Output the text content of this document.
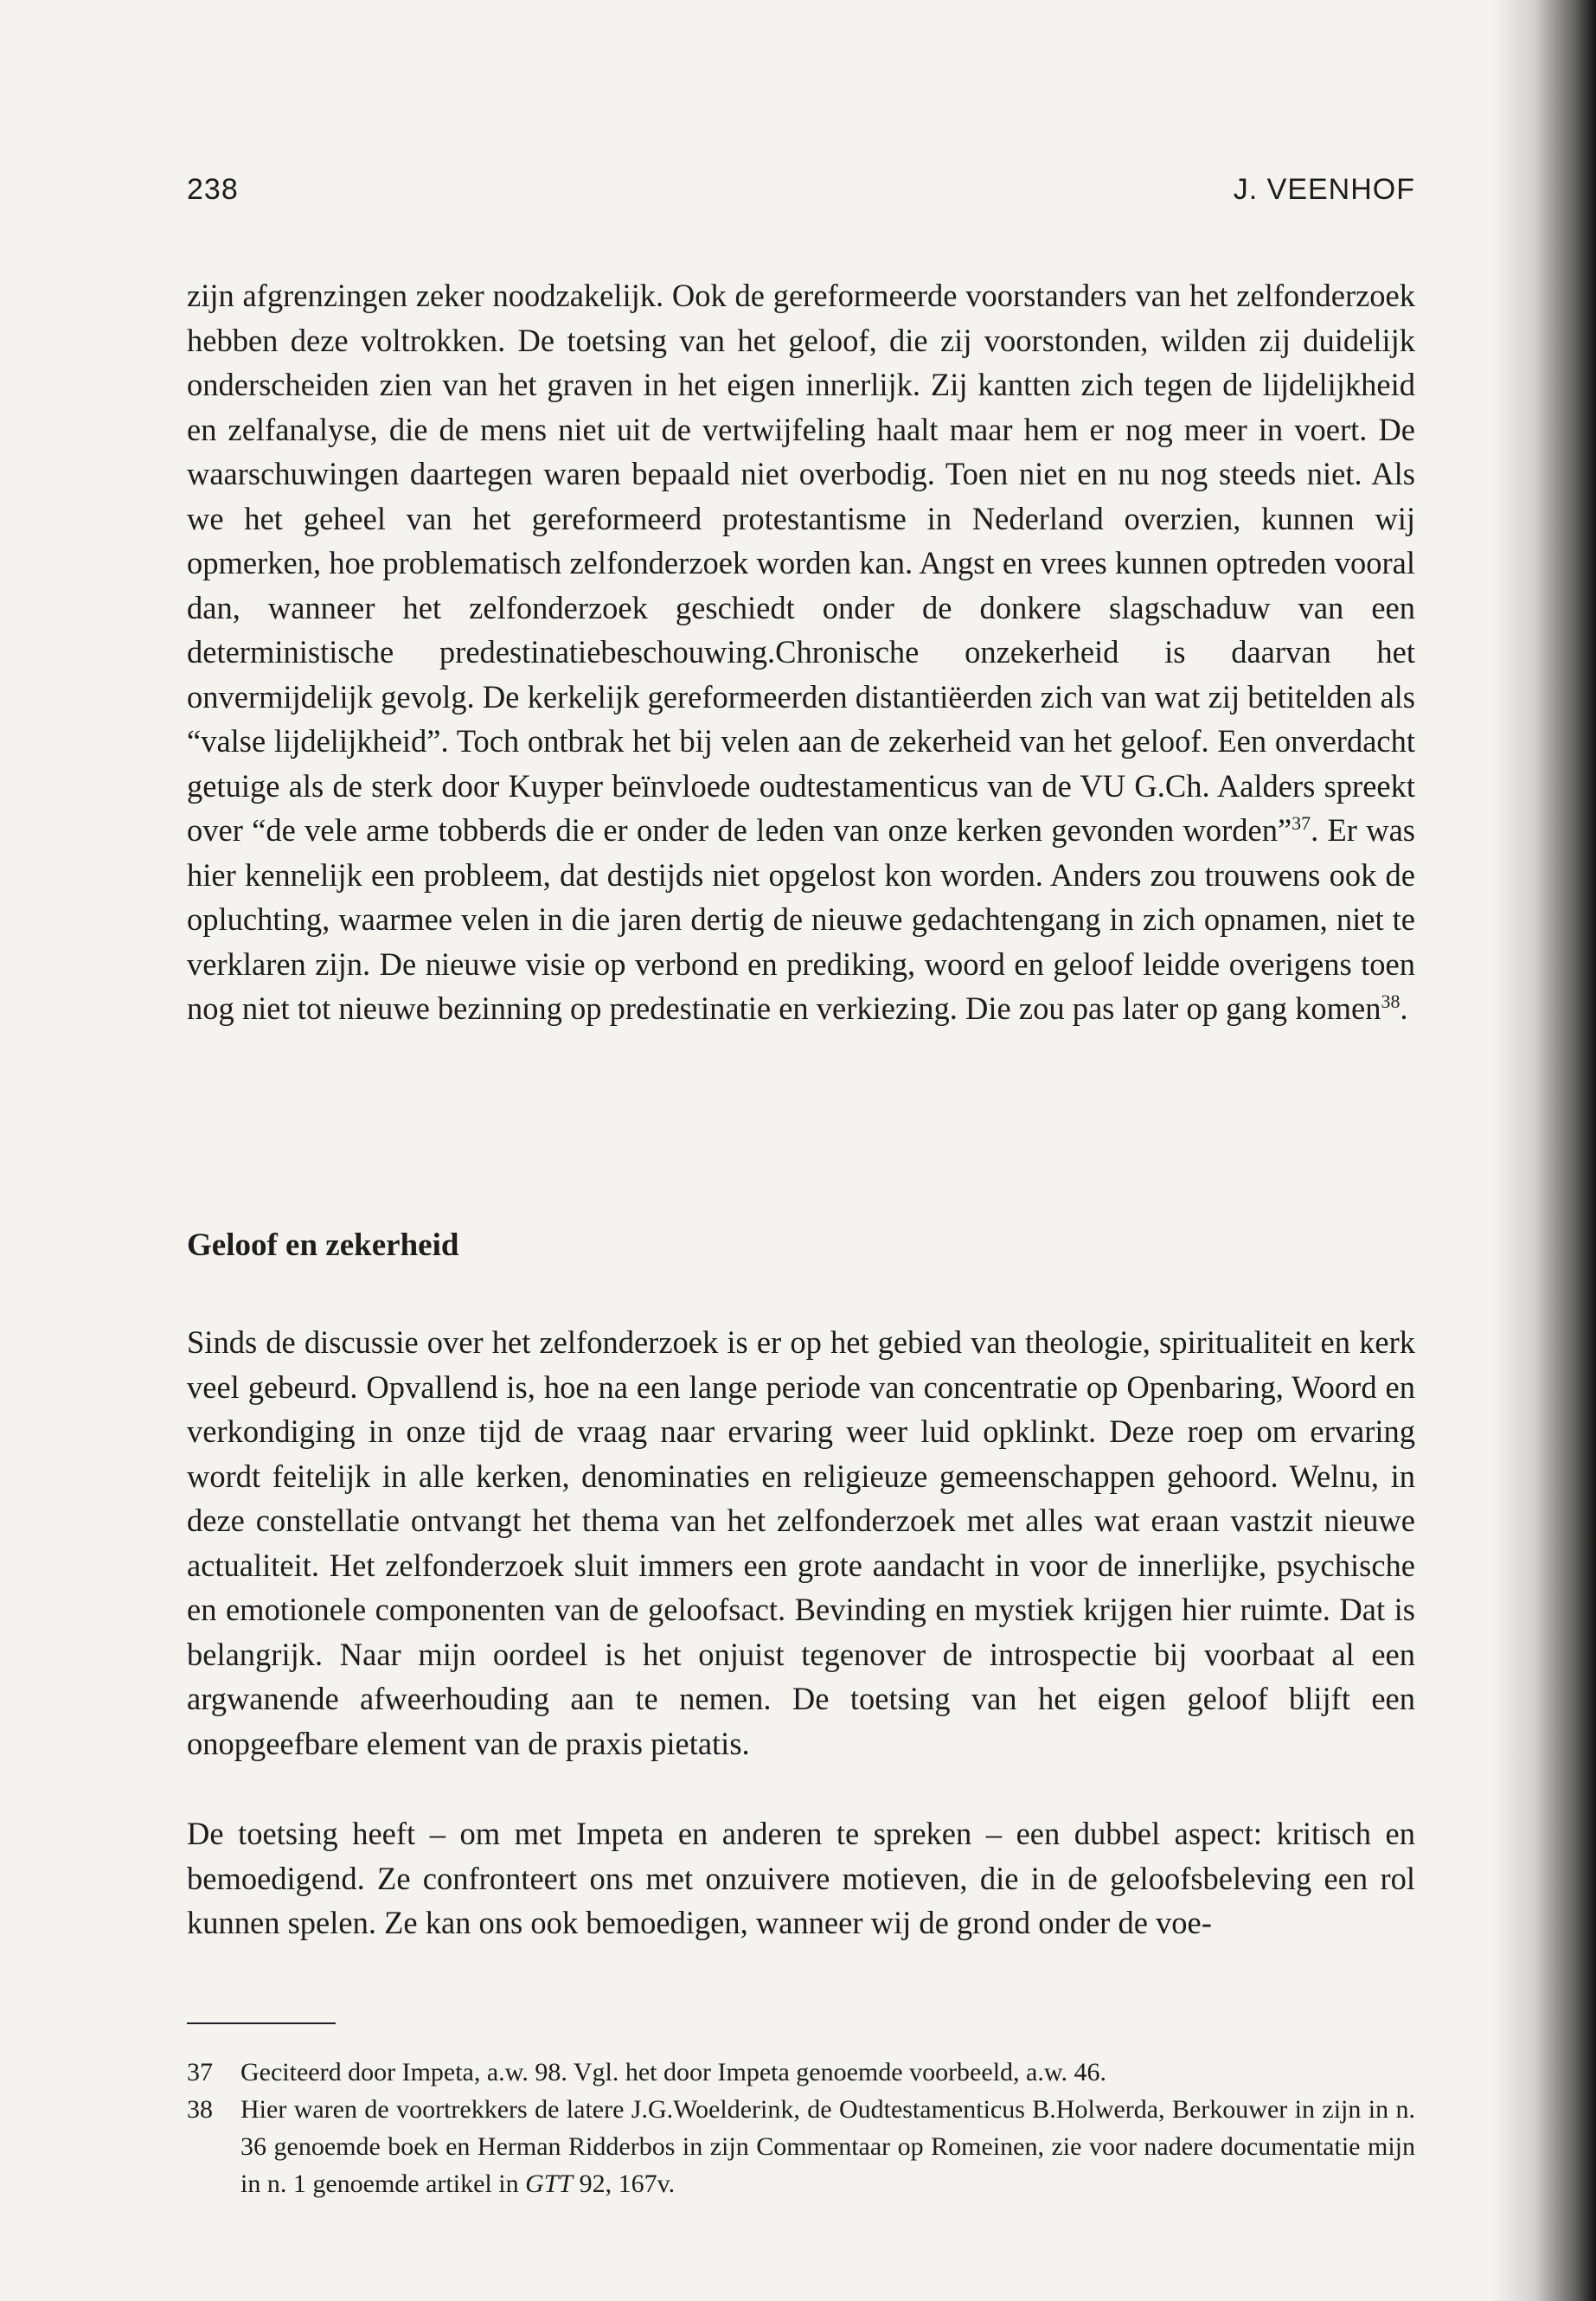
238	J. VEENHOF

zijn afgrenzingen zeker noodzakelijk. Ook de gereformeerde voorstanders van het zelfonderzoek hebben deze voltrokken. De toetsing van het geloof, die zij voorstonden, wilden zij duidelijk onderscheiden zien van het graven in het eigen innerlijk. Zij kantten zich tegen de lijdelijkheid en zelfanalyse, die de mens niet uit de vertwijfeling haalt maar hem er nog meer in voert. De waarschuwingen daartegen waren bepaald niet overbodig. Toen niet en nu nog steeds niet. Als we het geheel van het gereformeerd protestantisme in Nederland overzien, kunnen wij opmerken, hoe problematisch zelfonderzoek worden kan. Angst en vrees kunnen optreden vooral dan, wanneer het zelfonderzoek geschiedt onder de donkere slagschaduw van een deterministische predestinatiebeschouwing.Chronische onzekerheid is daarvan het onvermijdelijk gevolg. De kerkelijk gereformeerden distantiëerden zich van wat zij betitelden als “valse lijdelijkheid”. Toch ontbrak het bij velen aan de zekerheid van het geloof. Een onverdacht getuige als de sterk door Kuyper beïnvloede oudtestamenticus van de VU G.Ch. Aalders spreekt over “de vele arme tobberds die er onder de leden van onze kerken gevonden worden”$^{37}$. Er was hier kennelijk een probleem, dat destijds niet opgelost kon worden. Anders zou trouwens ook de opluchting, waarmee velen in die jaren dertig de nieuwe gedachtengang in zich opnamen, niet te verklaren zijn. De nieuwe visie op verbond en prediking, woord en geloof leidde overigens toen nog niet tot nieuwe bezinning op predestinatie en verkiezing. Die zou pas later op gang komen$^{38}$.

Geloof en zekerheid

Sinds de discussie over het zelfonderzoek is er op het gebied van theologie, spiritualiteit en kerk veel gebeurd. Opvallend is, hoe na een lange periode van concentratie op Openbaring, Woord en verkondiging in onze tijd de vraag naar ervaring weer luid opklinkt. Deze roep om ervaring wordt feitelijk in alle kerken, denominaties en religieuze gemeenschappen gehoord. Welnu, in deze constellatie ontvangt het thema van het zelfonderzoek met alles wat eraan vastzit nieuwe actualiteit. Het zelfonderzoek sluit immers een grote aandacht in voor de innerlijke, psychische en emotionele componenten van de geloofsact. Bevinding en mystiek krijgen hier ruimte. Dat is belangrijk. Naar mijn oordeel is het onjuist tegenover de introspectie bij voorbaat al een argwanende afweerhouding aan te nemen. De toetsing van het eigen geloof blijft een onopgeefbare element van de praxis pietatis.

De toetsing heeft – om met Impeta en anderen te spreken – een dubbel aspect: kritisch en bemoedigend. Ze confronteert ons met onzuivere motieven, die in de geloofsbeleving een rol kunnen spelen. Ze kan ons ook bemoedigen, wanneer wij de grond onder de voe-

37 Geciteerd door Impeta, a.w. 98. Vgl. het door Impeta genoemde voorbeeld, a.w. 46.
38 Hier waren de voortrekkers de latere J.G.Woelderink, de Oudtestamenticus B.Holwerda, Berkouwer in zijn in n. 36 genoemde boek en Herman Ridderbos in zijn Commentaar op Romeinen, zie voor nadere documentatie mijn in n. 1 genoemde artikel in GTT 92, 167v.
